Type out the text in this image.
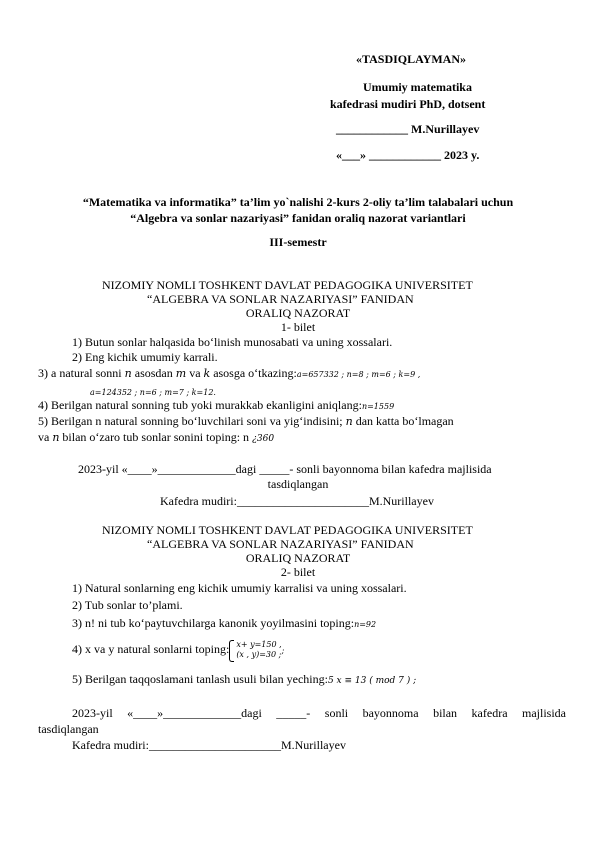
«TASDIQLAYMAN»
Umumiy matematika
kafedrasi mudiri PhD, dotsent
____________ M.Nurillayev
«___» ____________ 2023 y.
“Matematika va informatika” ta’lim yo`nalishi 2-kurs 2-oliy ta’lim talabalari uchun
“Algebra va sonlar nazariyasi” fanidan oraliq nazorat variantlari
III-semestr
NIZOMIY NOMLI TOSHKENT DAVLAT PEDAGOGIKA UNIVERSITET
“ALGEBRA VA SONLAR NAZARIYASI” FANIDAN
ORALIQ NAZORAT
1- bilet
1) Butun sonlar halqasida bo‘linish munosabati va uning xossalari.
2) Eng kichik umumiy karrali.
3) a natural sonni n asosdan m va k asosga o‘tkazing:a=657332 ; n=8 ; m=6 ; k=9 ,
a=124352 ; n=6 ; m=7 ; k=12.
4) Berilgan natural sonning tub yoki murakkab ekanligini aniqlang:n=1559
5) Berilgan n natural sonning bo‘luvchilari soni va yig‘indisini; n dan katta bo‘lmagan
va n bilan o‘zaro tub sonlar sonini toping: n ¿360
2023-yil «____»_____________dagi _____- sonli bayonnoma bilan kafedra majlisida
tasdiqlangan
Kafedra mudiri:______________________M.Nurillayev
NIZOMIY NOMLI TOSHKENT DAVLAT PEDAGOGIKA UNIVERSITET
“ALGEBRA VA SONLAR NAZARIYASI” FANIDAN
ORALIQ NAZORAT
2- bilet
1) Natural sonlarning eng kichik umumiy karralisi va uning xossalari.
2) Tub sonlar to’plami.
3) n! ni tub ko‘paytuvchilarga kanonik yoyilmasini toping:n=92
4) x va y natural sonlarni toping: x+ y=150 ,
(x , y)=30 ; ;
5) Berilgan taqqoslamani tanlash usuli bilan yeching:5 x ≡ 13 ( mod 7 ) ;
2023-yil «____»_____________dagi _____- sonli bayonnoma bilan kafedra majlisida
tasdiqlangan
Kafedra mudiri:______________________M.Nurillayev
